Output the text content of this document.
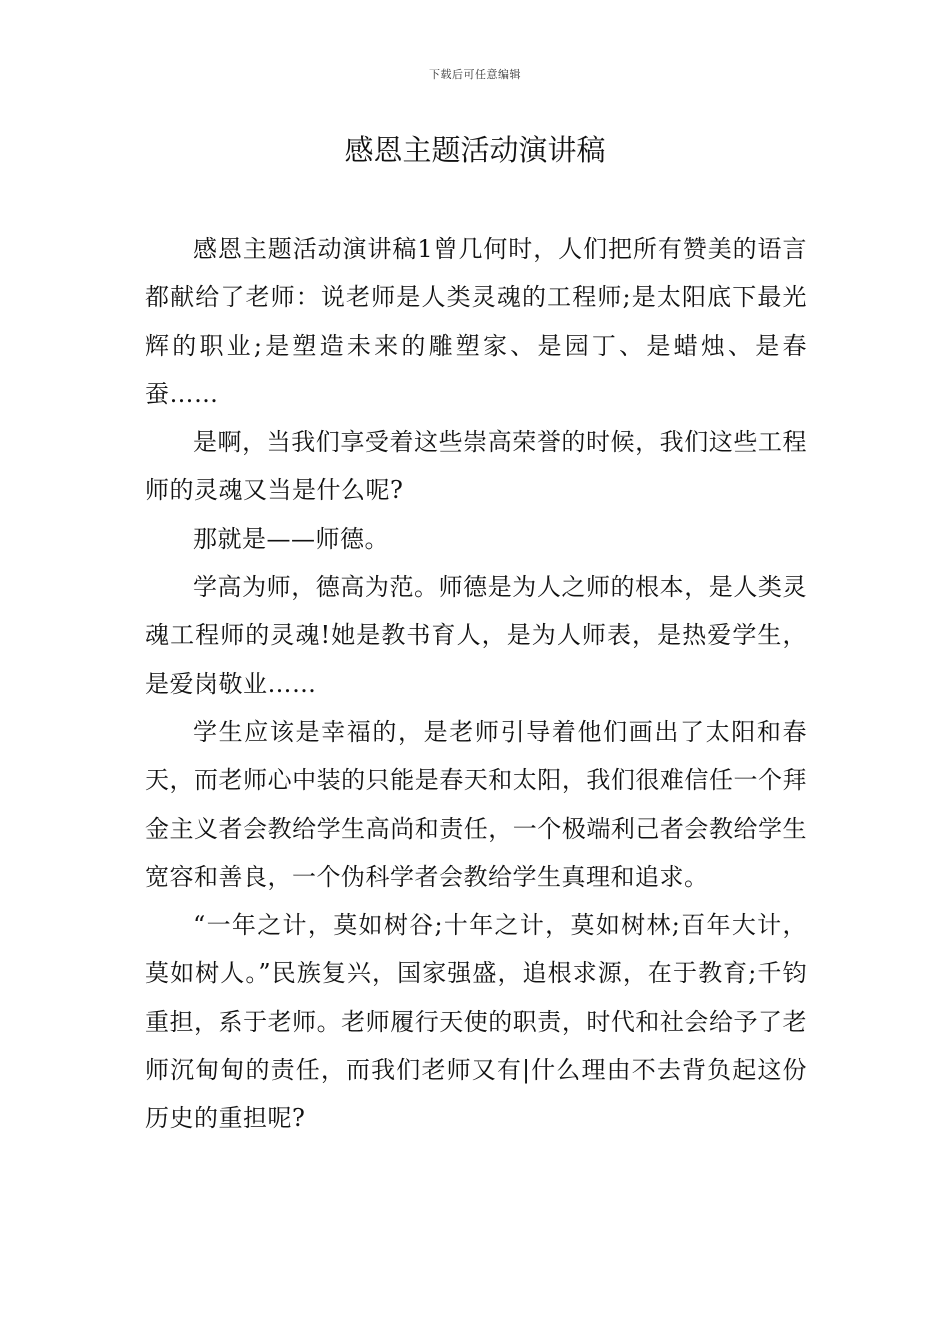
下载后可任意编辑
感恩主题活动演讲稿

感恩主题活动演讲稿1曾几何时，人们把所有赞美的语言都献给了老师：说老师是人类灵魂的工程师;是太阳底下最光辉的职业;是塑造未来的雕塑家、是园丁、是蜡烛、是春蚕……

是啊，当我们享受着这些崇高荣誉的时候，我们这些工程师的灵魂又当是什么呢?

那就是——师德。

学高为师，德高为范。师德是为人之师的根本，是人类灵魂工程师的灵魂!她是教书育人，是为人师表，是热爱学生，是爱岗敬业……

学生应该是幸福的，是老师引导着他们画出了太阳和春天，而老师心中装的只能是春天和太阳，我们很难信任一个拜金主义者会教给学生高尚和责任，一个极端利己者会教给学生宽容和善良，一个伪科学者会教给学生真理和追求。

“一年之计，莫如树谷;十年之计，莫如树林;百年大计，莫如树人。”民族复兴，国家强盛，追根求源，在于教育;千钧重担，系于老师。老师履行天使的职责，时代和社会给予了老师沉甸甸的责任，而我们老师又有|什么理由不去背负起这份历史的重担呢?
